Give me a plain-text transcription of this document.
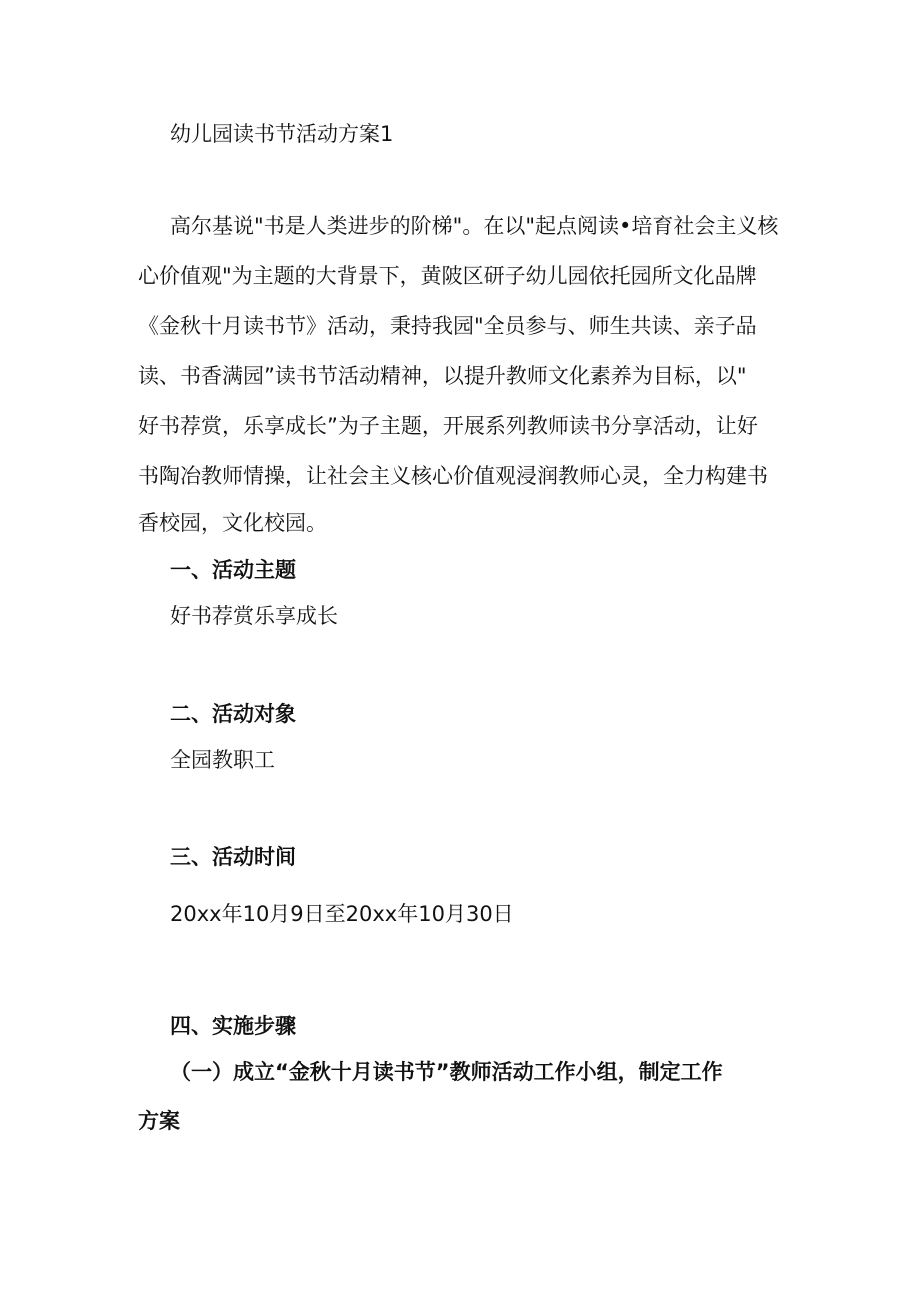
幼儿园读书节活动方案1
高尔基说"书是人类进步的阶梯"。在以"起点阅读•培育社会主义核
心价值观"为主题的大背景下，黄陂区研子幼儿园依托园所文化品牌
《金秋十月读书节》活动，秉持我园"全员参与、师生共读、亲子品
读、书香满园”读书节活动精神，以提升教师文化素养为目标，以"
好书荐赏，乐享成长”为子主题，开展系列教师读书分享活动，让好
书陶冶教师情操，让社会主义核心价值观浸润教师心灵，全力构建书
香校园，文化校园。
一、活动主题
好书荐赏乐享成长
二、活动对象
全园教职工
三、活动时间
20xx年10月9日至20xx年10月30日
四、实施步骤
（一）成立“金秋十月读书节”教师活动工作小组，制定工作
方案
